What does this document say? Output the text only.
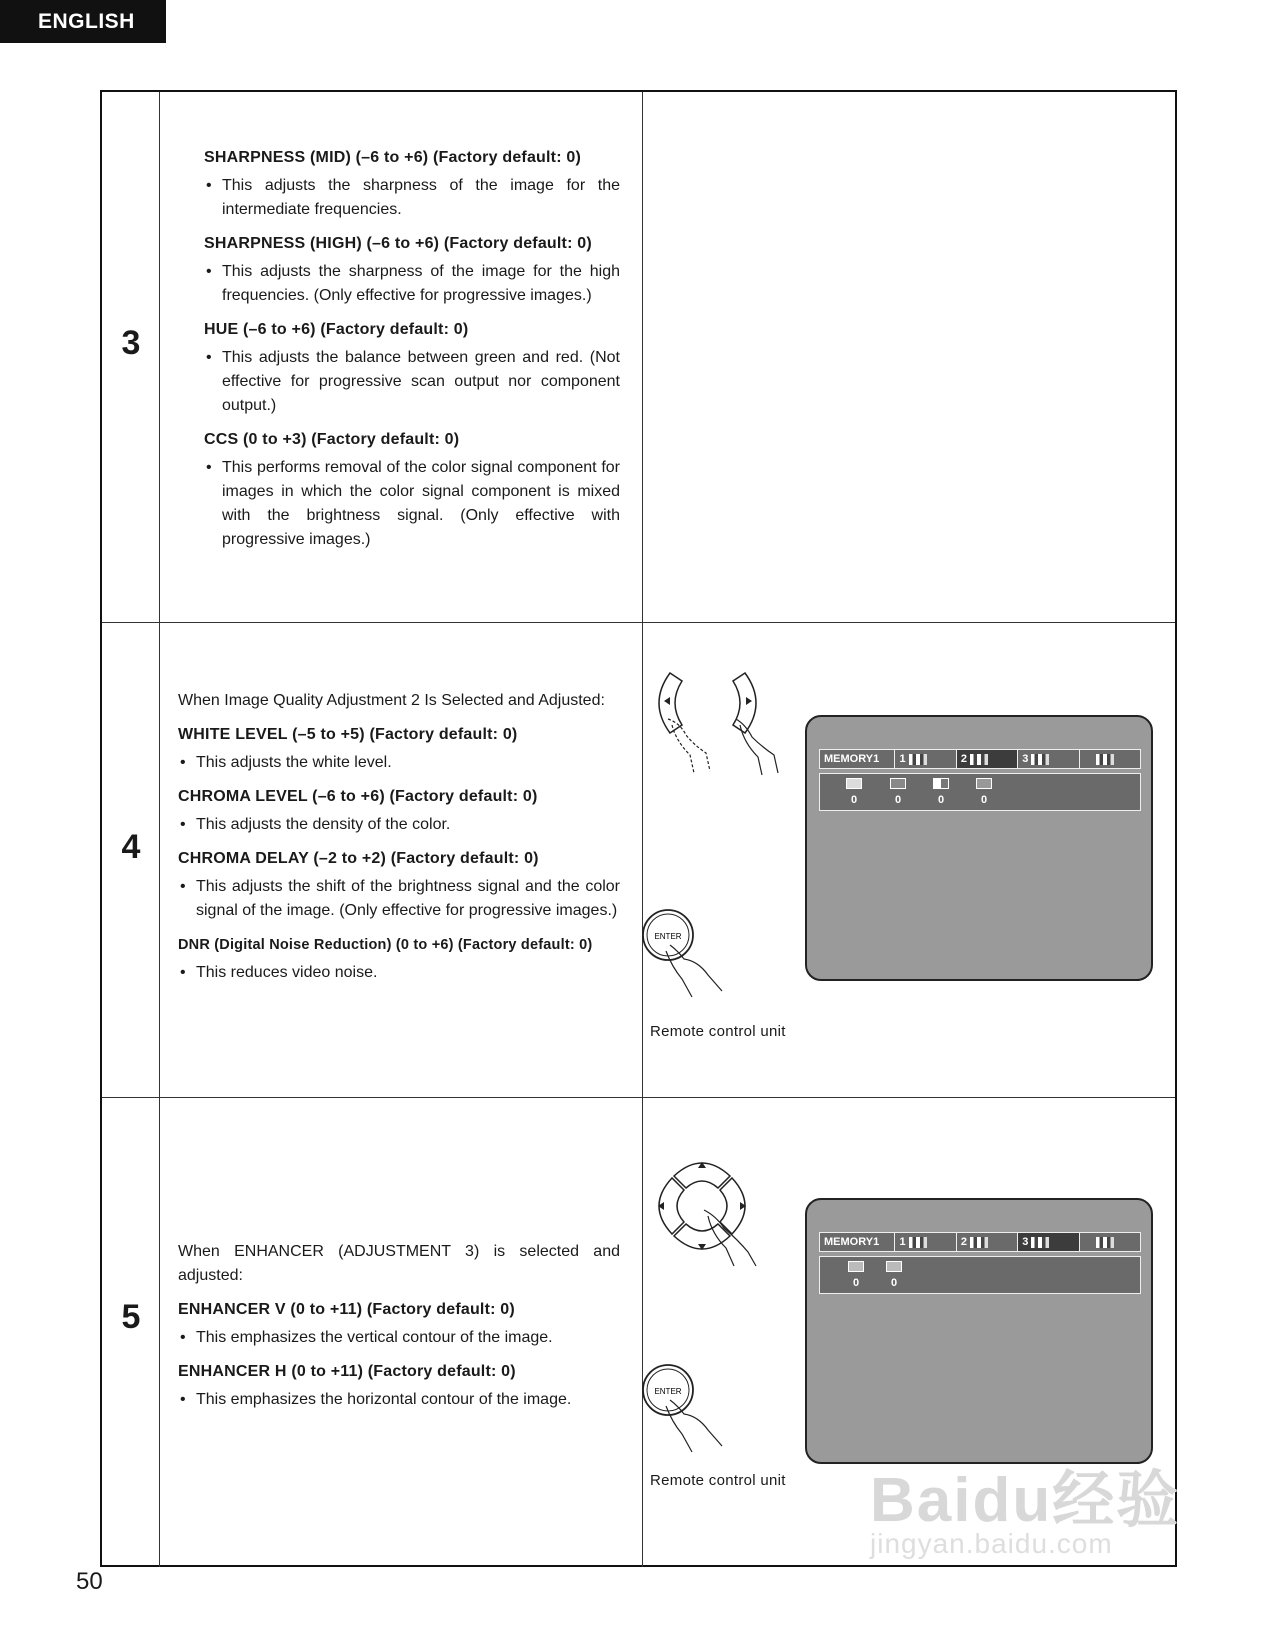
ENGLISH
3
SHARPNESS (MID) (–6 to +6) (Factory default: 0)
• This adjusts the sharpness of the image for the intermediate frequencies.
SHARPNESS (HIGH) (–6 to +6) (Factory default: 0)
• This adjusts the sharpness of the image for the high frequencies. (Only effective for progressive images.)
HUE (–6 to +6) (Factory default: 0)
• This adjusts the balance between green and red. (Not effective for progressive scan output nor component output.)
CCS (0 to +3) (Factory default: 0)
• This performs removal of the color signal component for images in which the color signal component is mixed with the brightness signal. (Only effective with progressive images.)
4
When Image Quality Adjustment 2 Is Selected and Adjusted:
WHITE LEVEL (–5 to +5) (Factory default: 0)
• This adjusts the white level.
CHROMA LEVEL (–6 to +6) (Factory default: 0)
• This adjusts the density of the color.
CHROMA DELAY (–2 to +2) (Factory default: 0)
• This adjusts the shift of the brightness signal and the color signal of the image. (Only effective for progressive images.)
DNR (Digital Noise Reduction) (0 to +6) (Factory default: 0)
• This reduces video noise.
ENTER
Remote control unit
MEMORY1 1	2	3
0	0	0	0
5
When ENHANCER (ADJUSTMENT 3) is selected and adjusted:
ENHANCER V (0 to +11) (Factory default: 0)
• This emphasizes the vertical contour of the image.
ENHANCER H (0 to +11) (Factory default: 0)
• This emphasizes the horizontal contour of the image.	ENTER
Remote control unit
MEMORY1 1	2	3
0	0
50
Baidu经验
jingyan.baidu.com
